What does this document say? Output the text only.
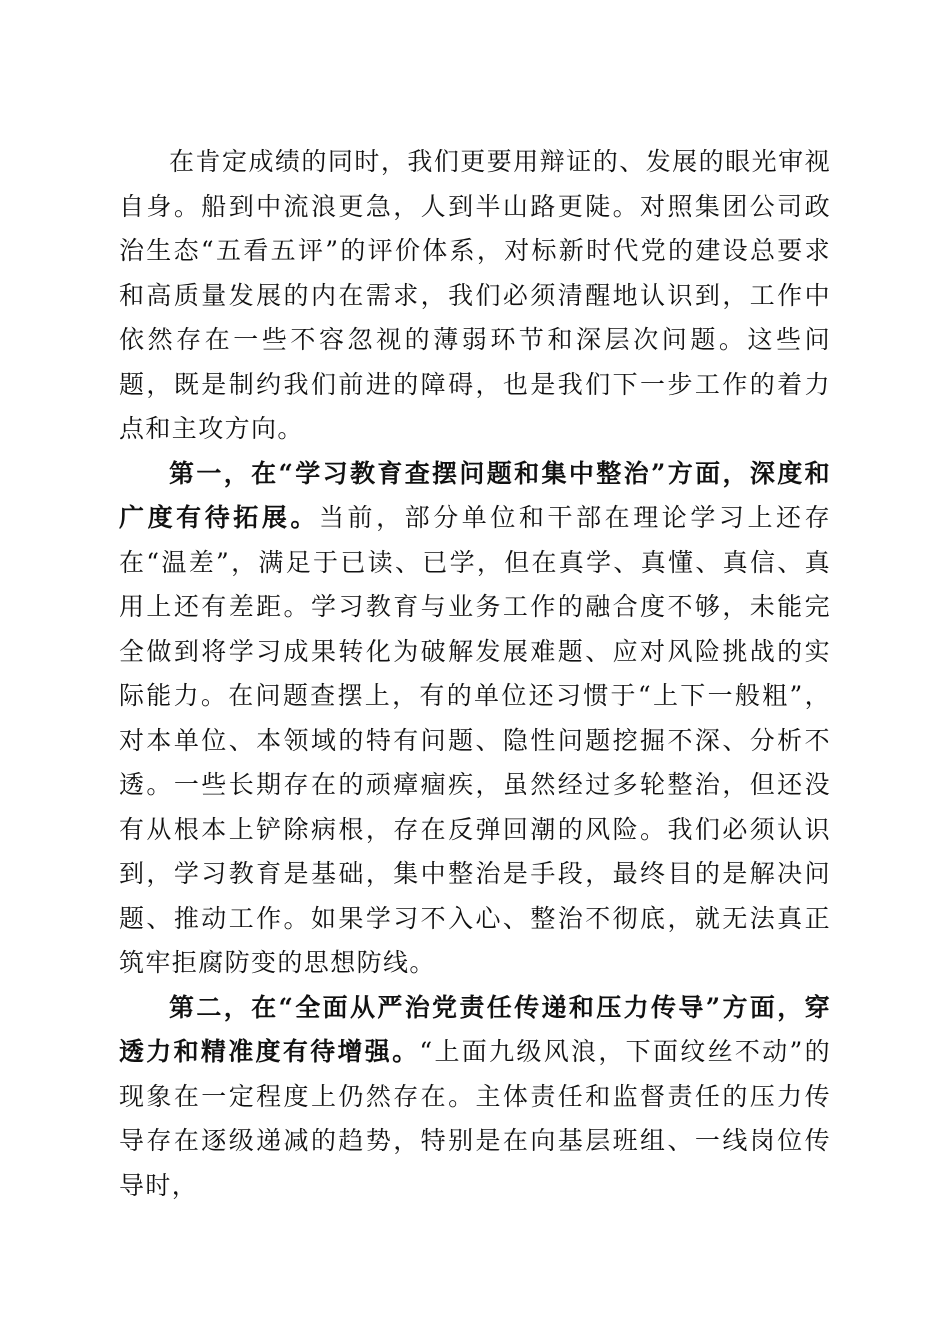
在肯定成绩的同时，我们更要用辩证的、发展的眼光审视自身。船到中流浪更急，人到半山路更陡。对照集团公司政治生态“五看五评”的评价体系，对标新时代党的建设总要求和高质量发展的内在需求，我们必须清醒地认识到，工作中依然存在一些不容忽视的薄弱环节和深层次问题。这些问题，既是制约我们前进的障碍，也是我们下一步工作的着力点和主攻方向。

第一，在“学习教育查摆问题和集中整治”方面，深度和广度有待拓展。当前，部分单位和干部在理论学习上还存在“温差”，满足于已读、已学，但在真学、真懂、真信、真用上还有差距。学习教育与业务工作的融合度不够，未能完全做到将学习成果转化为破解发展难题、应对风险挑战的实际能力。在问题查摆上，有的单位还习惯于“上下一般粗”，对本单位、本领域的特有问题、隐性问题挖掘不深、分析不透。一些长期存在的顽瘴痼疾，虽然经过多轮整治，但还没有从根本上铲除病根，存在反弹回潮的风险。我们必须认识到，学习教育是基础，集中整治是手段，最终目的是解决问题、推动工作。如果学习不入心、整治不彻底，就无法真正筑牢拒腐防变的思想防线。

第二，在“全面从严治党责任传递和压力传导”方面，穿透力和精准度有待增强。“上面九级风浪，下面纹丝不动”的现象在一定程度上仍然存在。主体责任和监督责任的压力传导存在逐级递减的趋势，特别是在向基层班组、一线岗位传导时，
